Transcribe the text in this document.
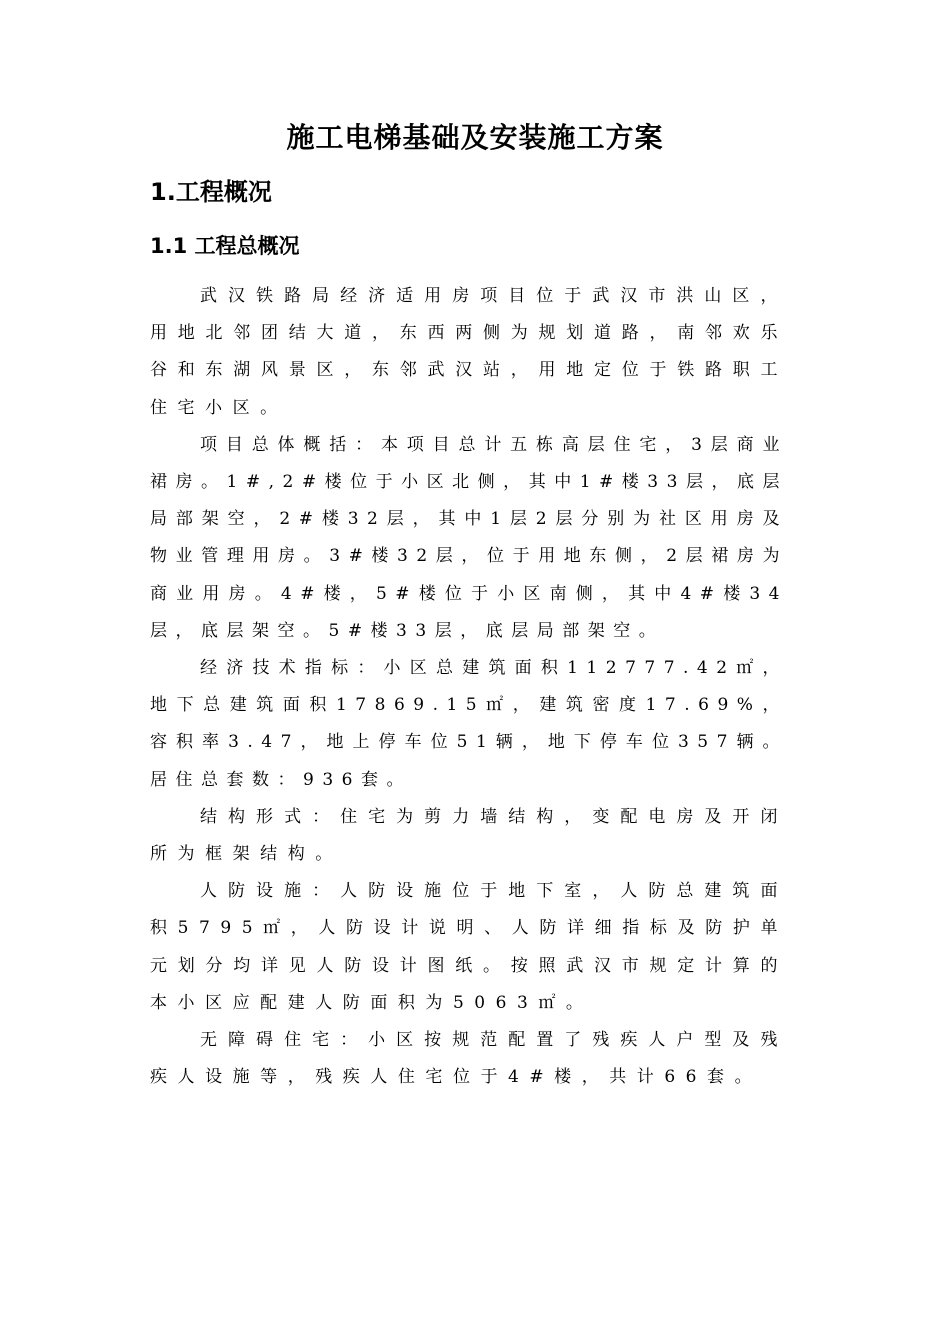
施工电梯基础及安装施工方案
1.工程概况
1.1 工程总概况

武汉铁路局经济适用房项目位于武汉市洪山区，用地北邻团结大道，东西两侧为规划道路，南邻欢乐谷和东湖风景区，东邻武汉站，用地定位于铁路职工住宅小区。

项目总体概括：本项目总计五栋高层住宅，3层商业裙房。1#,2#楼位于小区北侧，其中1#楼33层，底层局部架空，2#楼32层，其中1层2层分别为社区用房及物业管理用房。3#楼32层，位于用地东侧，2层裙房为商业用房。4#楼，5#楼位于小区南侧，其中4#楼34层，底层架空。5#楼33层，底层局部架空。

经济技术指标：小区总建筑面积112777.42㎡，地下总建筑面积17869.15㎡，建筑密度17.69%，容积率3.47，地上停车位51辆，地下停车位357辆。居住总套数：936套。

结构形式：住宅为剪力墙结构，变配电房及开闭所为框架结构。

人防设施：人防设施位于地下室，人防总建筑面积5795㎡，人防设计说明、人防详细指标及防护单元划分均详见人防设计图纸。按照武汉市规定计算的本小区应配建人防面积为5063㎡。

无障碍住宅：小区按规范配置了残疾人户型及残疾人设施等，残疾人住宅位于4#楼，共计66套。
